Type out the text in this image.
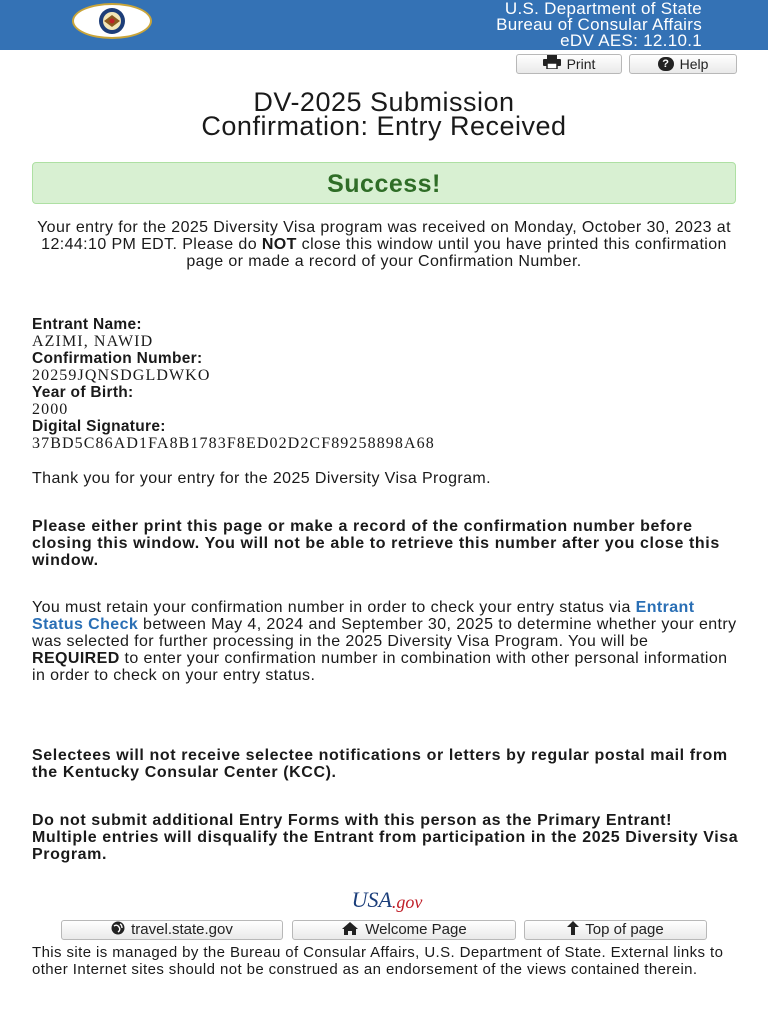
U.S. Department of State
Bureau of Consular Affairs
eDV AES: 12.10.1
Print	? Help
DV-2025 Submission
Confirmation: Entry Received
Success!
Your entry for the 2025 Diversity Visa program was received on Monday, October 30, 2023 at 12:44:10 PM EDT. Please do NOT close this window until you have printed this confirmation page or made a record of your Confirmation Number.
Entrant Name:
AZIMI, NAWID
Confirmation Number:
20259JQNSDGLDWKO
Year of Birth:
2000
Digital Signature:
37BD5C86AD1FA8B1783F8ED02D2CF89258898A68
Thank you for your entry for the 2025 Diversity Visa Program.
Please either print this page or make a record of the confirmation number before closing this window. You will not be able to retrieve this number after you close this window.
You must retain your confirmation number in order to check your entry status via Entrant Status Check between May 4, 2024 and September 30, 2025 to determine whether your entry was selected for further processing in the 2025 Diversity Visa Program. You will be REQUIRED to enter your confirmation number in combination with other personal information in order to check on your entry status.
Selectees will not receive selectee notifications or letters by regular postal mail from the Kentucky Consular Center (KCC).
Do not submit additional Entry Forms with this person as the Primary Entrant! Multiple entries will disqualify the Entrant from participation in the 2025 Diversity Visa Program.
USA .gov
travel.state.gov	Welcome Page	Top of page
This site is managed by the Bureau of Consular Affairs, U.S. Department of State. External links to other Internet sites should not be construed as an endorsement of the views contained therein.
